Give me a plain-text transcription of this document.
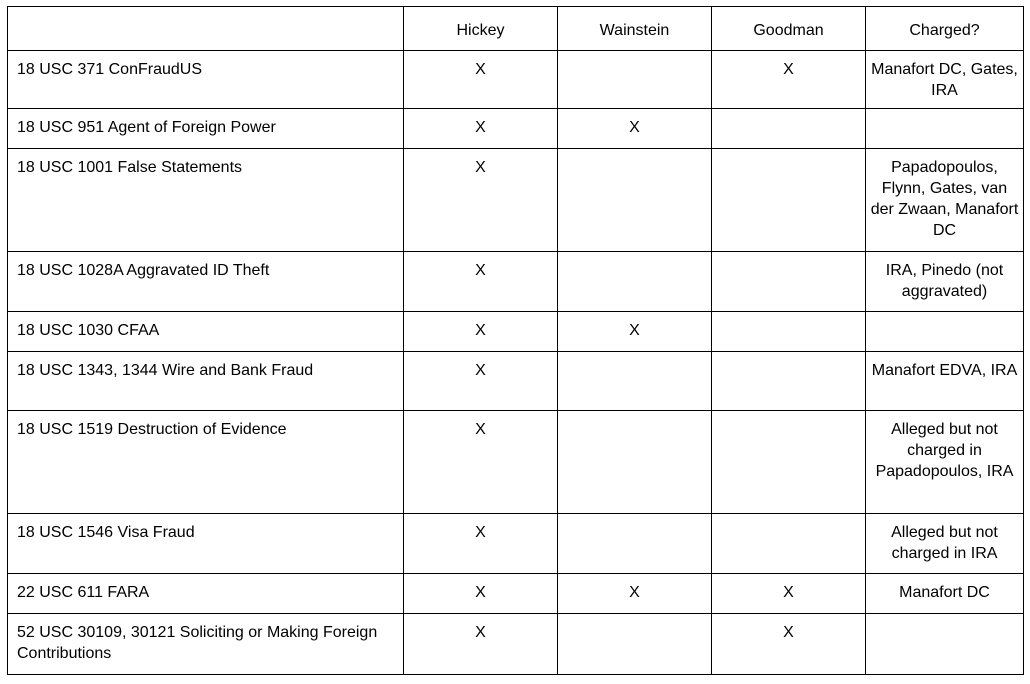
	Hickey	Wainstein	Goodman	Charged?
18 USC 371 ConFraudUS	X		X	Manafort DC, Gates, IRA
18 USC 951 Agent of Foreign Power	X	X		
18 USC 1001 False Statements	X			Papadopoulos, Flynn, Gates, van der Zwaan, Manafort DC
18 USC 1028A Aggravated ID Theft	X			IRA, Pinedo (not aggravated)
18 USC 1030 CFAA	X	X		
18 USC 1343, 1344 Wire and Bank Fraud	X			Manafort EDVA, IRA
18 USC 1519 Destruction of Evidence	X			Alleged but not charged in Papadopoulos, IRA
18 USC 1546 Visa Fraud	X			Alleged but not charged in IRA
22 USC 611 FARA	X	X	X	Manafort DC
52 USC 30109, 30121 Soliciting or Making Foreign Contributions	X		X	
